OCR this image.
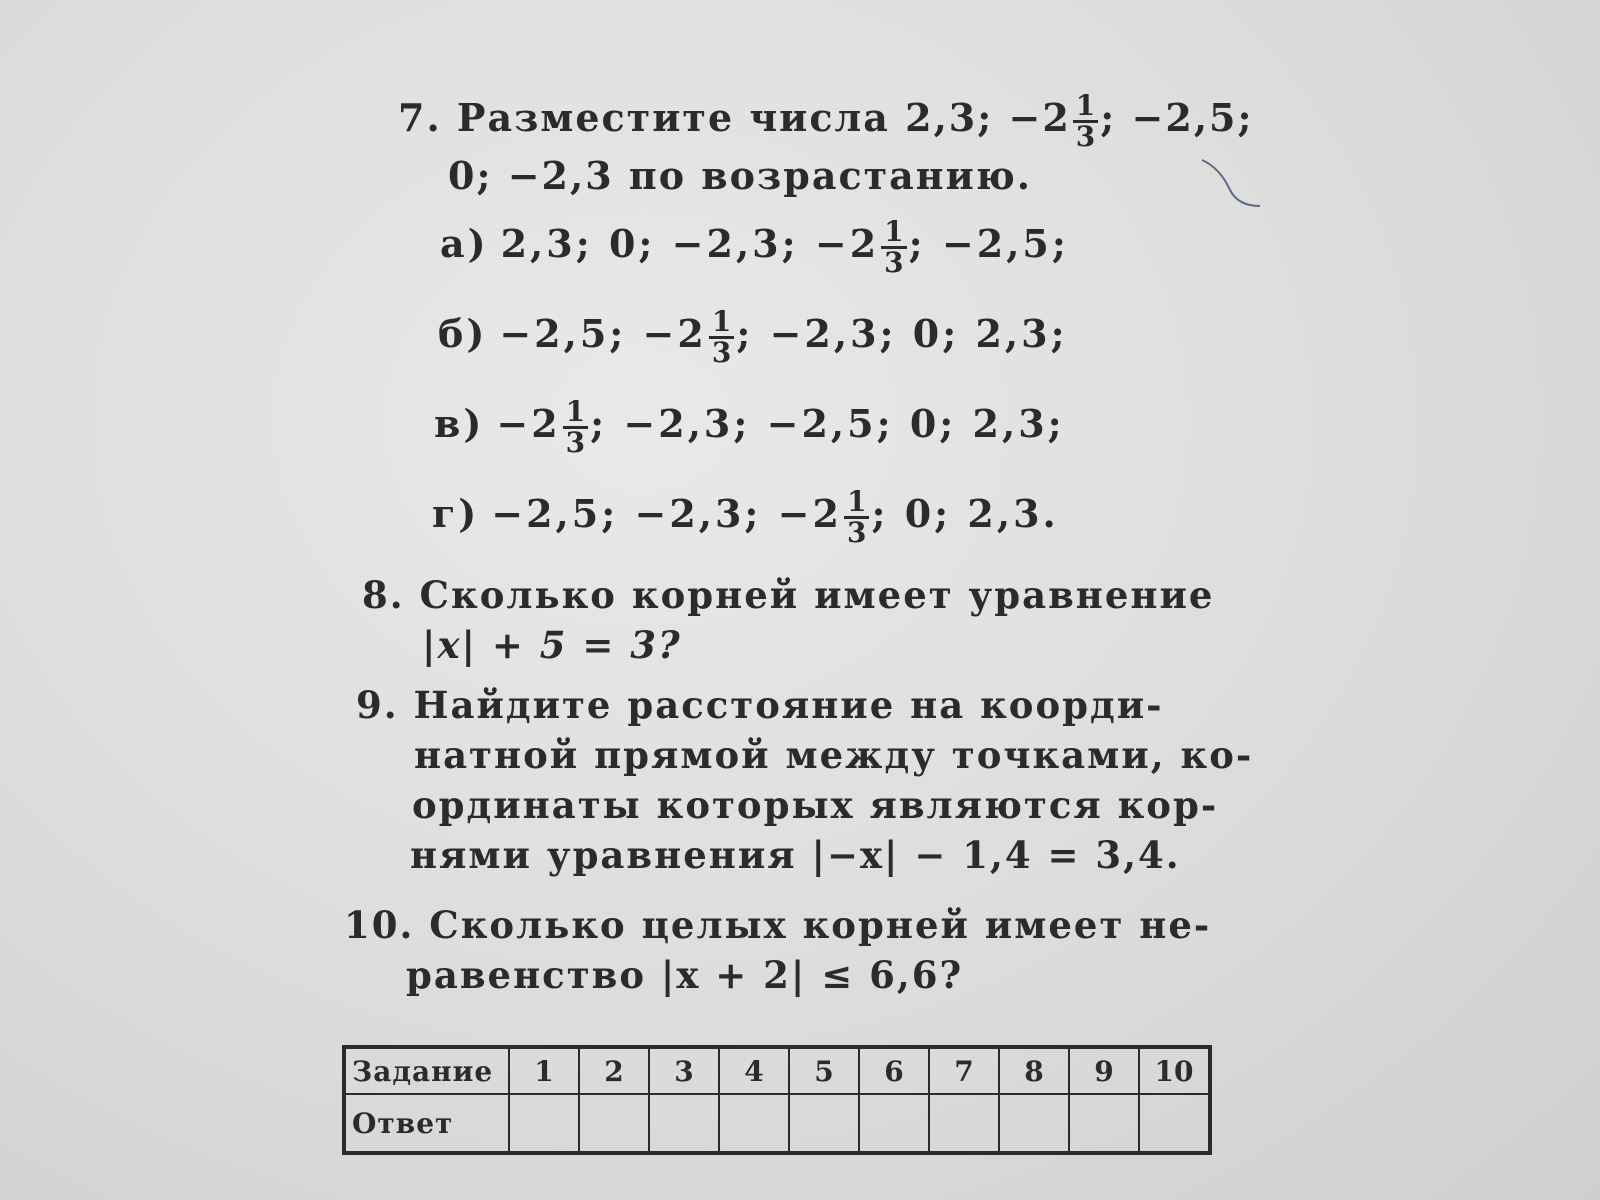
7. Разместите числа 2,3; $-2 \frac{1}{3}$ ; −2,5;
0; −2,3 по возрастанию.
а) 2,3; 0; −2,3; $-2 \frac{1}{3}$ ; −2,5;
б) −2,5; $-2 \frac{1}{3}$ ; −2,3; 0; 2,3;
$в) -2 \frac{1}{3}$ ; −2,3; −2,5; 0; 2,3;
г) −2,5; −2,3; $-2 \frac{1}{3}$ ; 0; 2,3.
8. Сколько корней имеет уравнение
|x| + 5 = 3?
9. Найдите расстояние на коорди-
натной прямой между точками, ко-
ординаты которых являются кор-
нями уравнения |−x| − 1,4 = 3,4.
10. Сколько целых корней имеет не-
равенство |x + 2| ≤ 6,6?
Задание	1	2	3	4	5	6	7	8	9	10
Ответ										
